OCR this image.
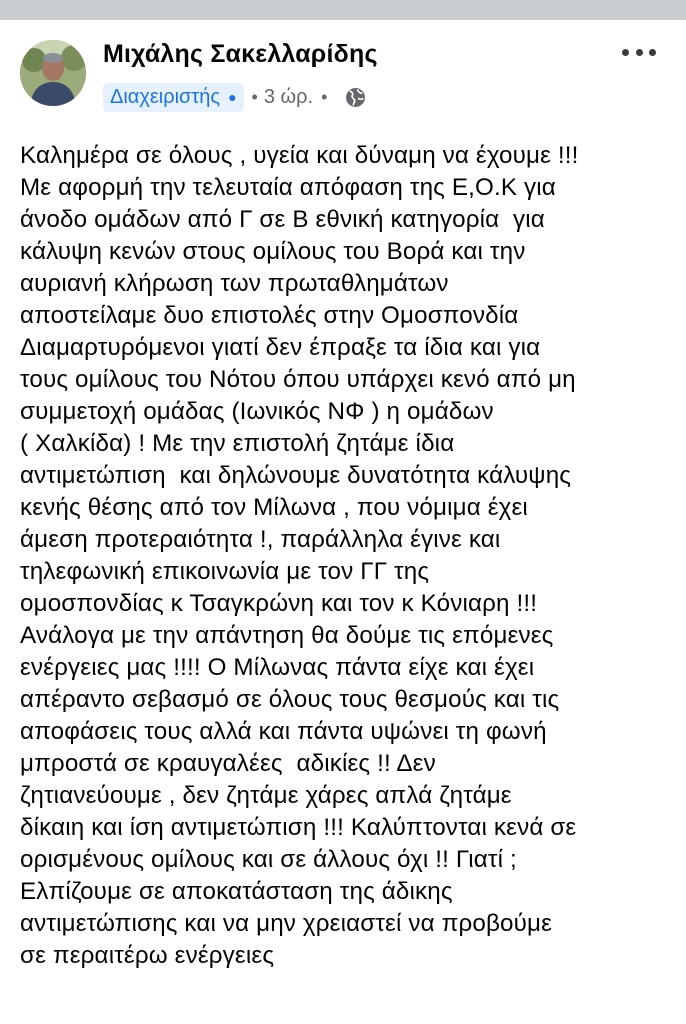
Μιχάλης Σακελλαρίδης
Διαχειριστής ● • 3 ώρ. •
Καλημέρα σε όλους , υγεία και δύναμη να έχουμε !!!
Με αφορμή την τελευταία απόφαση της Ε,Ο.Κ για
άνοδο ομάδων από Γ σε Β εθνική κατηγορία  για
κάλυψη κενών στους ομίλους του Βορά και την
αυριανή κλήρωση των πρωταθλημάτων
αποστείλαμε δυο επιστολές στην Ομοσπονδία
Διαμαρτυρόμενοι γιατί δεν έπραξε τα ίδια και για
τους ομίλους του Νότου όπου υπάρχει κενό από μη
συμμετοχή ομάδας (Ιωνικός ΝΦ ) η ομάδων
( Χαλκίδα) ! Με την επιστολή ζητάμε ίδια
αντιμετώπιση  και δηλώνουμε δυνατότητα κάλυψης
κενής θέσης από τον Μίλωνα , που νόμιμα έχει
άμεση προτεραιότητα !, παράλληλα έγινε και
τηλεφωνική επικοινωνία με τον ΓΓ της
ομοσπονδίας κ Τσαγκρώνη και τον κ Κόνιαρη !!!
Ανάλογα με την απάντηση θα δούμε τις επόμενες
ενέργειες μας !!!! Ο Μίλωνας πάντα είχε και έχει
απέραντο σεβασμό σε όλους τους θεσμούς και τις
αποφάσεις τους αλλά και πάντα υψώνει τη φωνή
μπροστά σε κραυγαλέες  αδικίες !! Δεν
ζητιανεύουμε , δεν ζητάμε χάρες απλά ζητάμε
δίκαιη και ίση αντιμετώπιση !!! Καλύπτονται κενά σε
ορισμένους ομίλους και σε άλλους όχι !! Γιατί ;
Ελπίζουμε σε αποκατάσταση της άδικης
αντιμετώπισης και να μην χρειαστεί να προβούμε
σε περαιτέρω ενέργειες
